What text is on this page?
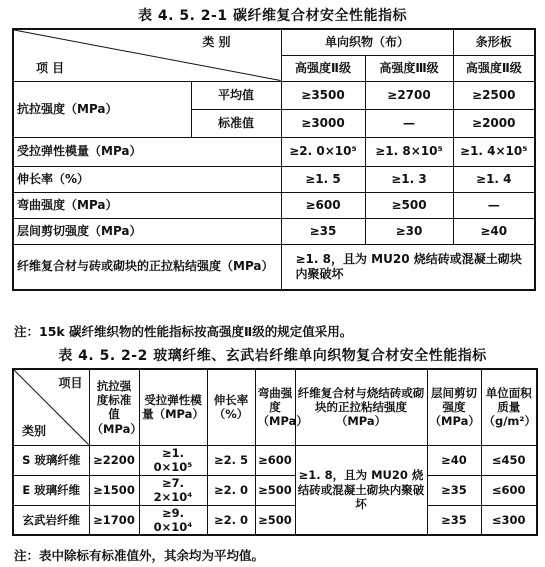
表 4. 5. 2-1 碳纤维复合材安全性能指标
类 别
项 目		单向织物（布）		条形板
		高强度Ⅱ级	高强度Ⅲ级	高强度Ⅱ级
抗拉强度（MPa）	平均值	≥3500	≥2700	≥2500
	标准值	≥3000	—	≥2000
受拉弹性模量（MPa）		≥2. 0×10⁵	≥1. 8×10⁵	≥1. 4×10⁵
伸长率（%）		≥1. 5	≥1. 3	≥1. 4
弯曲强度（MPa）		≥600	≥500	—
层间剪切强度（MPa）		≥35	≥30	≥40
纤维复合材与砖或砌块的正拉粘结强度（MPa）		≥1. 8，且为 MU20 烧结砖或混凝土砌块内聚破坏		
注：15k 碳纤维织物的性能指标按高强度Ⅱ级的规定值采用。
表 4. 5. 2-2 玻璃纤维、玄武岩纤维单向织物复合材安全性能指标
项目
类别	抗拉强度标准值（MPa）	受拉弹性模量（MPa）	伸长率（%）	弯曲强度（MPa）	纤维复合材与烧结砖或砌块的正拉粘结强度（MPa）	层间剪切强度（MPa）	单位面积质量（g/m²）
S 玻璃纤维	≥2200	≥1. 0×10⁵	≥2. 5	≥600	≥1. 8，且为 MU20 烧结砖或混凝土砌块内聚破坏	≥40	≤450
E 玻璃纤维	≥1500	≥7. 2×10⁴	≥2. 0	≥500		≥35	≤600
玄武岩纤维	≥1700	≥9. 0×10⁴	≥2. 0	≥500		≥35	≤300
注：表中除标有标准值外，其余均为平均值。
